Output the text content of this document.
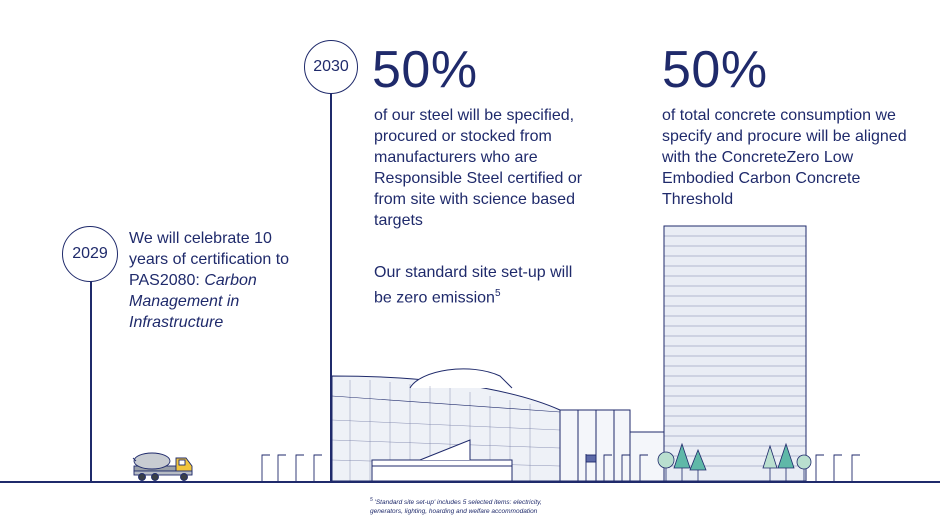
2029
We will celebrate 10 years of certification to PAS2080: Carbon Management in Infrastructure
2030 50%
of our steel will be specified, procured or stocked from manufacturers who are Responsible Steel certified or from site with science based targets
Our standard site set-up will be zero emission$^5$
50%
of total concrete consumption we specify and procure will be aligned with the ConcreteZero Low Embodied Carbon Concrete Threshold
$^5$ 'Standard site set-up' includes 5 selected items: electricity, generators, lighting, hoarding and welfare accommodation
